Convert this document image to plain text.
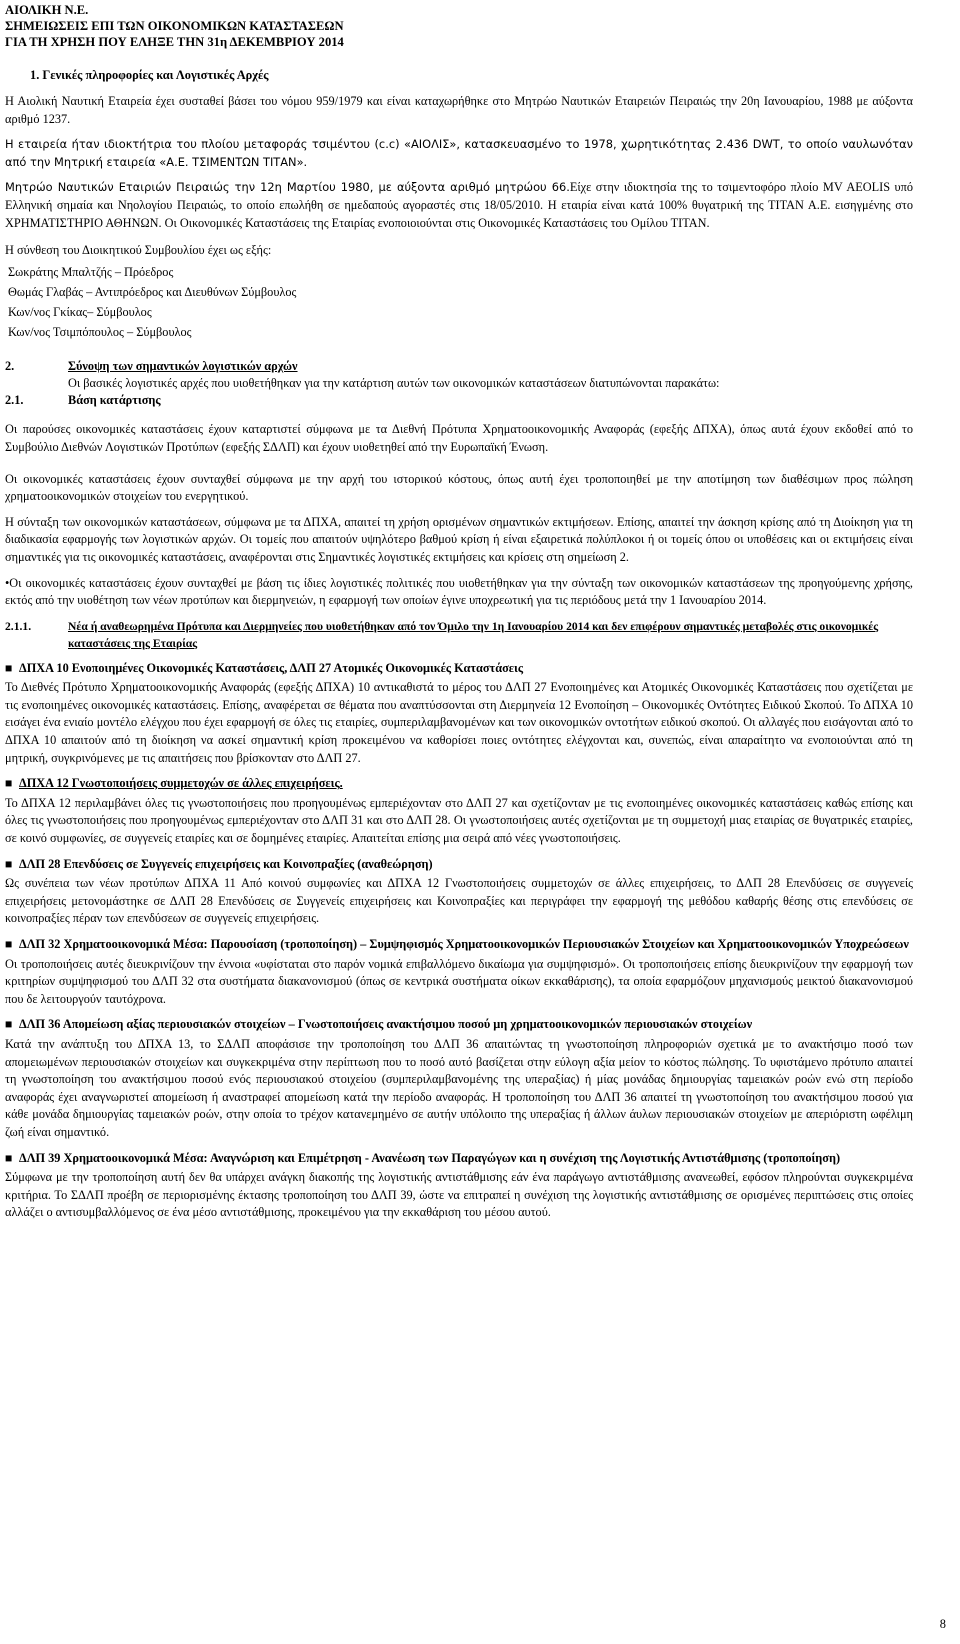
ΑΙΟΛΙΚΗ Ν.Ε.
ΣΗΜΕΙΩΣΕΙΣ ΕΠΙ ΤΩΝ ΟΙΚΟΝΟΜΙΚΩΝ ΚΑΤΑΣΤΑΣΕΩΝ
ΓΙΑ ΤΗ ΧΡΗΣΗ ΠΟΥ ΕΛΗΞΕ ΤΗΝ 31η ΔΕΚΕΜΒΡΙΟΥ 2014
1. Γενικές πληροφορίες και Λογιστικές Αρχές

Η Αιολική Ναυτική Εταιρεία έχει συσταθεί βάσει του νόμου 959/1979 και είναι καταχωρήθηκε στο Μητρώο Ναυτικών Εταιρειών Πειραιώς την 20η Ιανουαρίου, 1988 με αύξοντα αριθμό 1237.

Η εταιρεία ήταν ιδιοκτήτρια του πλοίου μεταφοράς τσιμέντου (c.c) «ΑΙΟΛΙΣ», κατασκευασμένο το 1978, χωρητικότητας 2.436 DWT, το οποίο ναυλωνόταν από την Μητρική εταιρεία «Α.Ε. ΤΣΙΜΕΝΤΩΝ ΤΙΤΑΝ».

Μητρώο Ναυτικών Εταιριών Πειραιώς την 12η Μαρτίου 1980, με αύξοντα αριθμό μητρώου 66.Είχε στην ιδιοκτησία της το τσιμεντοφόρο πλοίο MV AEOLIS υπό Ελληνική σημαία και Νηολογίου Πειραιώς, το οποίο επωλήθη σε ημεδαπούς αγοραστές στις 18/05/2010. Η εταιρία είναι κατά 100% θυγατρική της ΤΙΤΑΝ Α.Ε. εισηγμένης στο ΧΡΗΜΑΤΙΣΤΗΡΙΟ ΑΘΗΝΩΝ. Οι Οικονομικές Καταστάσεις της Εταιρίας ενοποιοιούνται στις Οικονομικές Καταστάσεις του Ομίλου ΤΙΤΑΝ.

Η σύνθεση του Διοικητικού Συμβουλίου έχει ως εξής:
Σωκράτης Μπαλτζής – Πρόεδρος
Θωμάς Γλαβάς – Αντιπρόεδρος και Διευθύνων Σύμβουλος
Κων/νος Γκίκας– Σύμβουλος
Κων/νος Τσιμπόπουλος – Σύμβουλος
2.	Σύνοψη των σημαντικών λογιστικών αρχών
Οι βασικές λογιστικές αρχές που υιοθετήθηκαν για την κατάρτιση αυτών των οικονομικών καταστάσεων διατυπώνονται παρακάτω:
2.1.	Βάση κατάρτισης

Οι παρούσες οικονομικές καταστάσεις έχουν καταρτιστεί σύμφωνα με τα Διεθνή Πρότυπα Χρηματοοικονομικής Αναφοράς (εφεξής ΔΠΧΑ), όπως αυτά έχουν εκδοθεί από το Συμβούλιο Διεθνών Λογιστικών Προτύπων (εφεξής ΣΔΛΠ) και έχουν υιοθετηθεί από την Ευρωπαϊκή Ένωση.

Οι οικονομικές καταστάσεις έχουν συνταχθεί σύμφωνα με την αρχή του ιστορικού κόστους, όπως αυτή έχει τροποποιηθεί με την αποτίμηση των διαθέσιμων προς πώληση χρηματοοικονομικών στοιχείων του ενεργητικού.

Η σύνταξη των οικονομικών καταστάσεων, σύμφωνα με τα ΔΠΧΑ, απαιτεί τη χρήση ορισμένων σημαντικών εκτιμήσεων. Επίσης, απαιτεί την άσκηση κρίσης από τη Διοίκηση για τη διαδικασία εφαρμογής των λογιστικών αρχών. Οι τομείς που απαιτούν υψηλότερο βαθμού κρίση ή είναι εξαιρετικά πολύπλοκοι ή οι τομείς όπου οι υποθέσεις και οι εκτιμήσεις είναι σημαντικές για τις οικονομικές καταστάσεις, αναφέρονται στις Σημαντικές λογιστικές εκτιμήσεις και κρίσεις στη σημείωση 2.

•Οι οικονομικές καταστάσεις έχουν συνταχθεί με βάση τις ίδιες λογιστικές πολιτικές που υιοθετήθηκαν για την σύνταξη των οικονομικών καταστάσεων της προηγούμενης χρήσης, εκτός από την υιοθέτηση των νέων προτύπων και διερμηνειών, η εφαρμογή των οποίων έγινε υποχρεωτική για τις περιόδους μετά την 1 Ιανουαρίου 2014.

2.1.1.	Νέα ή αναθεωρημένα Πρότυπα και Διερμηνείες που υιοθετήθηκαν από τον Όμιλο την 1η Ιανουαρίου 2014 και δεν επιφέρουν σημαντικές μεταβολές στις οικονομικές καταστάσεις της Εταιρίας
■ ΔΠΧΑ 10 Ενοποιημένες Οικονομικές Καταστάσεις, ΔΛΠ 27 Ατομικές Οικονομικές Καταστάσεις

Το Διεθνές Πρότυπο Χρηματοοικονομικής Αναφοράς (εφεξής ΔΠΧΑ) 10 αντικαθιστά το μέρος του ΔΛΠ 27 Ενοποιημένες και Ατομικές Οικονομικές Καταστάσεις που σχετίζεται με τις ενοποιημένες οικονομικές καταστάσεις. Επίσης, αναφέρεται σε θέματα που αναπτύσσονται στη Διερμηνεία 12 Ενοποίηση – Οικονομικές Οντότητες Ειδικού Σκοπού. Το ΔΠΧΑ 10 εισάγει ένα ενιαίο μοντέλο ελέγχου που έχει εφαρμογή σε όλες τις εταιρίες, συμπεριλαμβανομένων και των οικονομικών οντοτήτων ειδικού σκοπού. Οι αλλαγές που εισάγονται από το ΔΠΧΑ 10 απαιτούν από τη διοίκηση να ασκεί σημαντική κρίση προκειμένου να καθορίσει ποιες οντότητες ελέγχονται και, συνεπώς, είναι απαραίτητο να ενοποιούνται από τη μητρική, συγκρινόμενες με τις απαιτήσεις που βρίσκονταν στο ΔΛΠ 27.

■ ΔΠΧΑ 12 Γνωστοποιήσεις συμμετοχών σε άλλες επιχειρήσεις.

Το ΔΠΧΑ 12 περιλαμβάνει όλες τις γνωστοποιήσεις που προηγουμένως εμπεριέχονταν στο ΔΛΠ 27 και σχετίζονταν με τις ενοποιημένες οικονομικές καταστάσεις καθώς επίσης και όλες τις γνωστοποιήσεις που προηγουμένως εμπεριέχονταν στο ΔΛΠ 31 και στο ΔΛΠ 28. Οι γνωστοποιήσεις αυτές σχετίζονται με τη συμμετοχή μιας εταιρίας σε θυγατρικές εταιρίες, σε κοινό συμφωνίες, σε συγγενείς εταιρίες και σε δομημένες εταιρίες. Απαιτείται επίσης μια σειρά από νέες γνωστοποιήσεις.

■ ΔΛΠ 28 Επενδύσεις σε Συγγενείς επιχειρήσεις και Κοινοπραξίες (αναθεώρηση)

Ως συνέπεια των νέων προτύπων ΔΠΧΑ 11 Από κοινού συμφωνίες και ΔΠΧΑ 12 Γνωστοποιήσεις συμμετοχών σε άλλες επιχειρήσεις, το ΔΛΠ 28 Επενδύσεις σε συγγενείς επιχειρήσεις μετονομάστηκε σε ΔΛΠ 28 Επενδύσεις σε Συγγενείς επιχειρήσεις και Κοινοπραξίες και περιγράφει την εφαρμογή της μεθόδου καθαρής θέσης στις επενδύσεις σε κοινοπραξίες πέραν των επενδύσεων σε συγγενείς επιχειρήσεις.

■ ΔΛΠ 32 Χρηματοοικονομικά Μέσα: Παρουσίαση (τροποποίηση) – Συμψηφισμός Χρηματοοικονομικών Περιουσιακών Στοιχείων και Χρηματοοικονομικών Υποχρεώσεων

Οι τροποποιήσεις αυτές διευκρινίζουν την έννοια «υφίσταται στο παρόν νομικά επιβαλλόμενο δικαίωμα για συμψηφισμό». Οι τροποποιήσεις επίσης διευκρινίζουν την εφαρμογή των κριτηρίων συμψηφισμού του ΔΛΠ 32 στα συστήματα διακανονισμού (όπως σε κεντρικά συστήματα οίκων εκκαθάρισης), τα οποία εφαρμόζουν μηχανισμούς μεικτού διακανονισμού που δε λειτουργούν ταυτόχρονα.

■ ΔΛΠ 36 Απομείωση αξίας περιουσιακών στοιχείων – Γνωστοποιήσεις ανακτήσιμου ποσού μη χρηματοοικονομικών περιουσιακών στοιχείων

Κατά την ανάπτυξη του ΔΠΧΑ 13, το ΣΔΛΠ αποφάσισε την τροποποίηση του ΔΛΠ 36 απαιτώντας τη γνωστοποίηση πληροφοριών σχετικά με το ανακτήσιμο ποσό των απομειωμένων περιουσιακών στοιχείων και συγκεκριμένα στην περίπτωση που το ποσό αυτό βασίζεται στην εύλογη αξία μείον το κόστος πώλησης. Το υφιστάμενο πρότυπο απαιτεί τη γνωστοποίηση του ανακτήσιμου ποσού ενός περιουσιακού στοιχείου (συμπεριλαμβανομένης της υπεραξίας) ή μίας μονάδας δημιουργίας ταμειακών ροών ενώ στη περίοδο αναφοράς έχει αναγνωριστεί απομείωση ή αναστραφεί απομείωση κατά την περίοδο αναφοράς. Η τροποποίηση του ΔΛΠ 36 απαιτεί τη γνωστοποίηση του ανακτήσιμου ποσού για κάθε μονάδα δημιουργίας ταμειακών ροών, στην οποία το τρέχον κατανεμημένο σε αυτήν υπόλοιπο της υπεραξίας ή άλλων άυλων περιουσιακών στοιχείων με απεριόριστη ωφέλιμη ζωή είναι σημαντικό.

■ ΔΛΠ 39 Χρηματοοικονομικά Μέσα: Αναγνώριση και Επιμέτρηση - Ανανέωση των Παραγώγων και η συνέχιση της Λογιστικής Αντιστάθμισης (τροποποίηση)

Σύμφωνα με την τροποποίηση αυτή δεν θα υπάρχει ανάγκη διακοπής της λογιστικής αντιστάθμισης εάν ένα παράγωγο αντιστάθμισης ανανεωθεί, εφόσον πληρούνται συγκεκριμένα κριτήρια. Το ΣΔΛΠ προέβη σε περιορισμένης έκτασης τροποποίηση του ΔΛΠ 39, ώστε να επιτραπεί η συνέχιση της λογιστικής αντιστάθμισης σε ορισμένες περιπτώσεις στις οποίες αλλάζει ο αντισυμβαλλόμενος σε ένα μέσο αντιστάθμισης, προκειμένου για την εκκαθάριση του μέσου αυτού.

8
